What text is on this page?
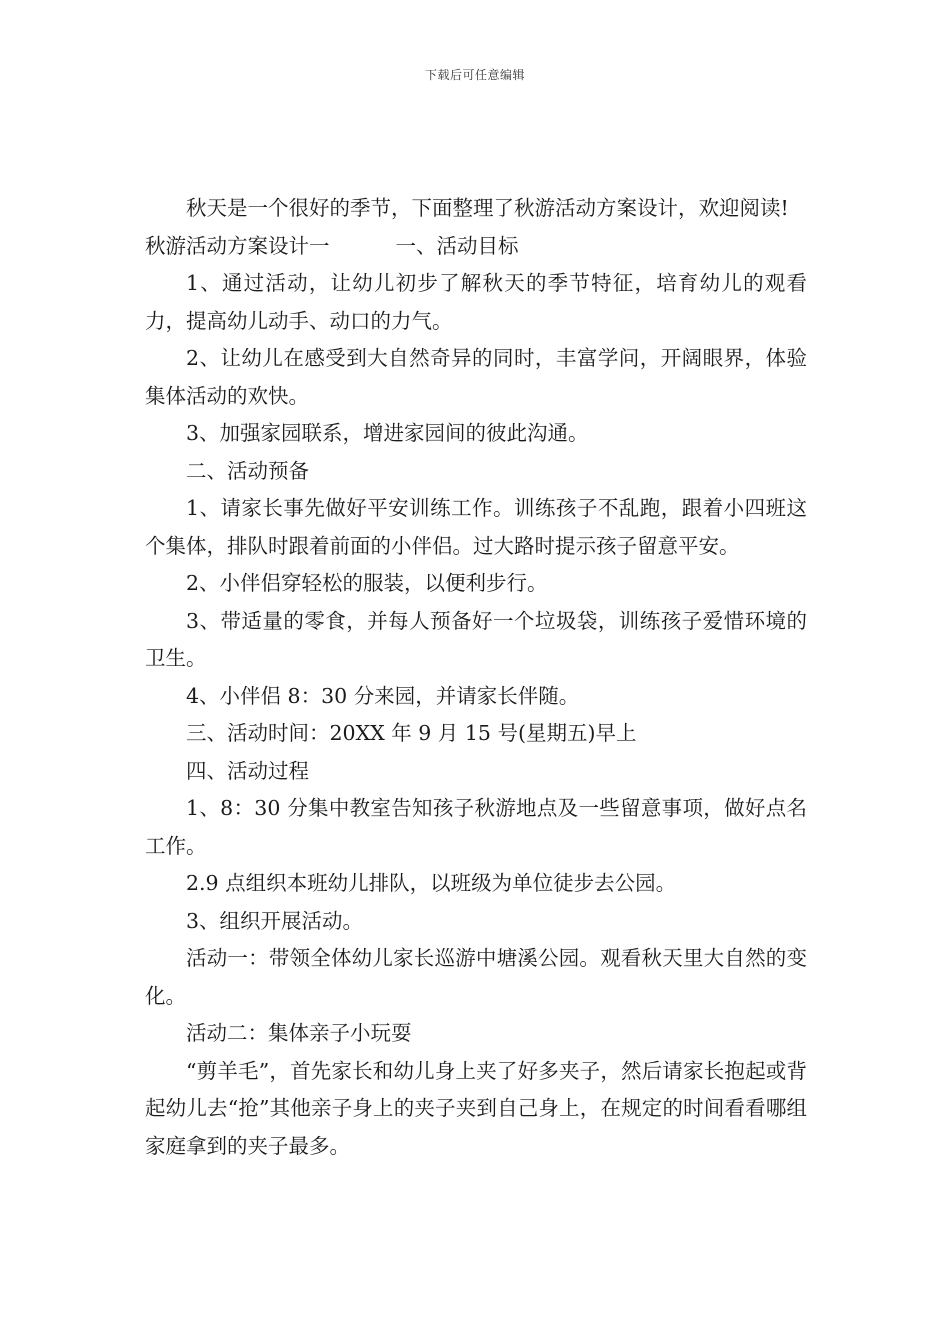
下载后可任意编辑

秋天是一个很好的季节，下面整理了秋游活动方案设计，欢迎阅读!

秋游活动方案设计一	一、活动目标

1、通过活动，让幼儿初步了解秋天的季节特征，培育幼儿的观看力，提高幼儿动手、动口的力气。

2、让幼儿在感受到大自然奇异的同时，丰富学问，开阔眼界，体验集体活动的欢快。

3、加强家园联系，增进家园间的彼此沟通。

二、活动预备

1、请家长事先做好平安训练工作。训练孩子不乱跑，跟着小四班这个集体，排队时跟着前面的小伴侣。过大路时提示孩子留意平安。

2、小伴侣穿轻松的服装，以便利步行。

3、带适量的零食，并每人预备好一个垃圾袋，训练孩子爱惜环境的卫生。

4、小伴侣 8：30 分来园，并请家长伴随。

三、活动时间：20XX 年 9 月 15 号(星期五)早上

四、活动过程

1、8：30 分集中教室告知孩子秋游地点及一些留意事项，做好点名工作。

2.9 点组织本班幼儿排队，以班级为单位徒步去公园。

3、组织开展活动。

活动一：带领全体幼儿家长巡游中塘溪公园。观看秋天里大自然的变化。

活动二：集体亲子小玩耍

“剪羊毛”，首先家长和幼儿身上夹了好多夹子，然后请家长抱起或背起幼儿去“抢”其他亲子身上的夹子夹到自己身上，在规定的时间看看哪组家庭拿到的夹子最多。
